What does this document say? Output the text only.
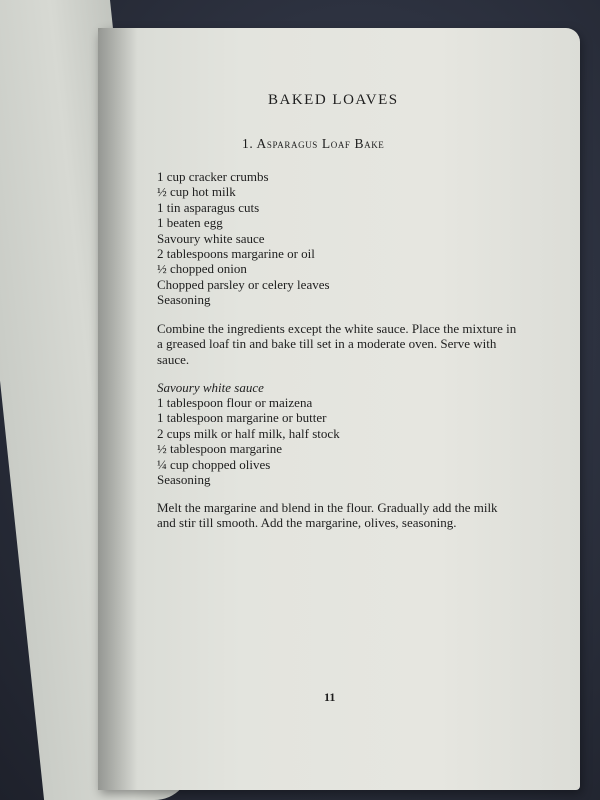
BAKED LOAVES
1. Asparagus Loaf Bake
1 cup cracker crumbs
½ cup hot milk
1 tin asparagus cuts
1 beaten egg
Savoury white sauce
2 tablespoons margarine or oil
½ chopped onion
Chopped parsley or celery leaves
Seasoning
Combine the ingredients except the white sauce. Place the mixture in a greased loaf tin and bake till set in a moderate oven. Serve with sauce.
Savoury white sauce
1 tablespoon flour or maizena
1 tablespoon margarine or butter
2 cups milk or half milk, half stock
½ tablespoon margarine
¼ cup chopped olives
Seasoning
Melt the margarine and blend in the flour. Gradually add the milk and stir till smooth. Add the margarine, olives, seasoning.
11
